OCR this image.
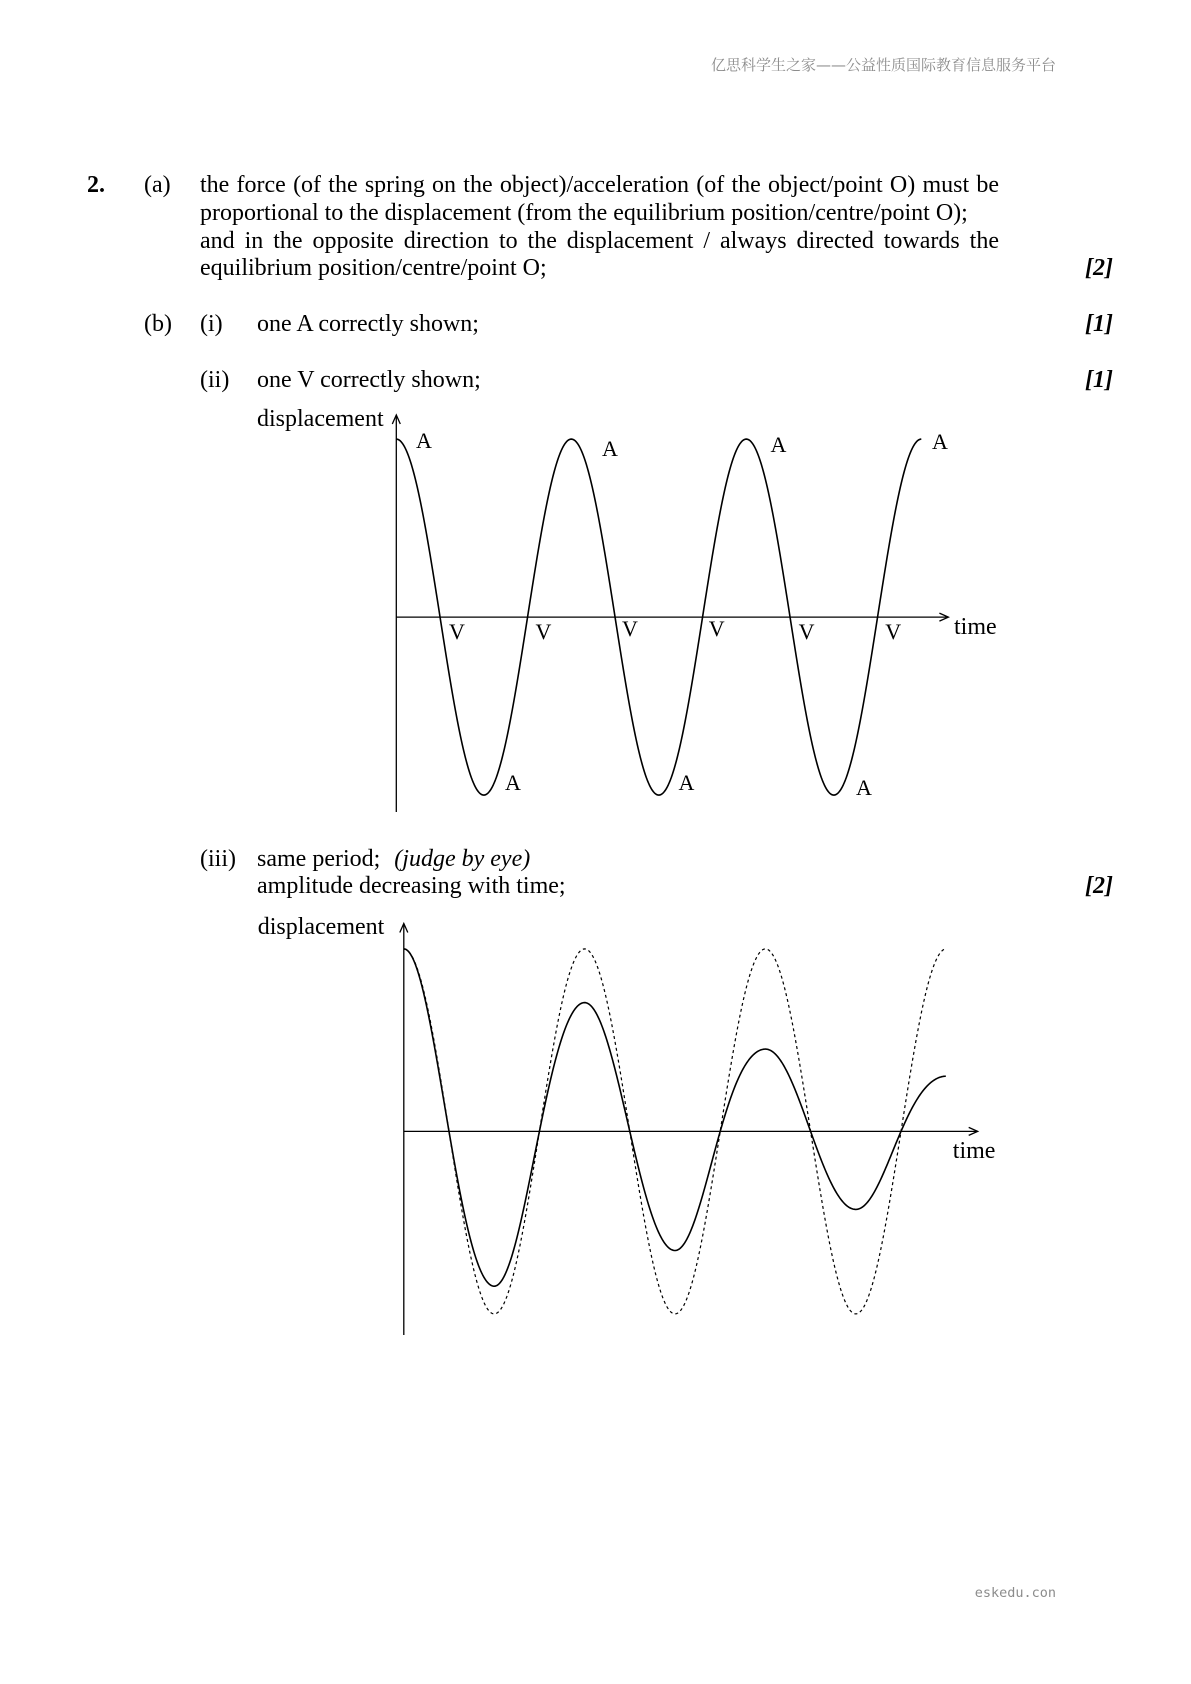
亿思科学生之家——公益性质国际教育信息服务平台
2. (a) the force (of the spring on the object)/acceleration (of the object/point O) must be
proportional to the displacement (from the equilibrium position/centre/point O);
and in the opposite direction to the displacement / always directed towards the
equilibrium position/centre/point O;	[2]
(b) (i) one A correctly shown;	[1]
(ii) one V correctly shown;	[1]
displacement
time
A	A	A	A
A	A	A
V	V	V	V	V	V
(iii) same period; (judge by eye)
amplitude decreasing with time;	[2]
displacement
time
eskedu.con
